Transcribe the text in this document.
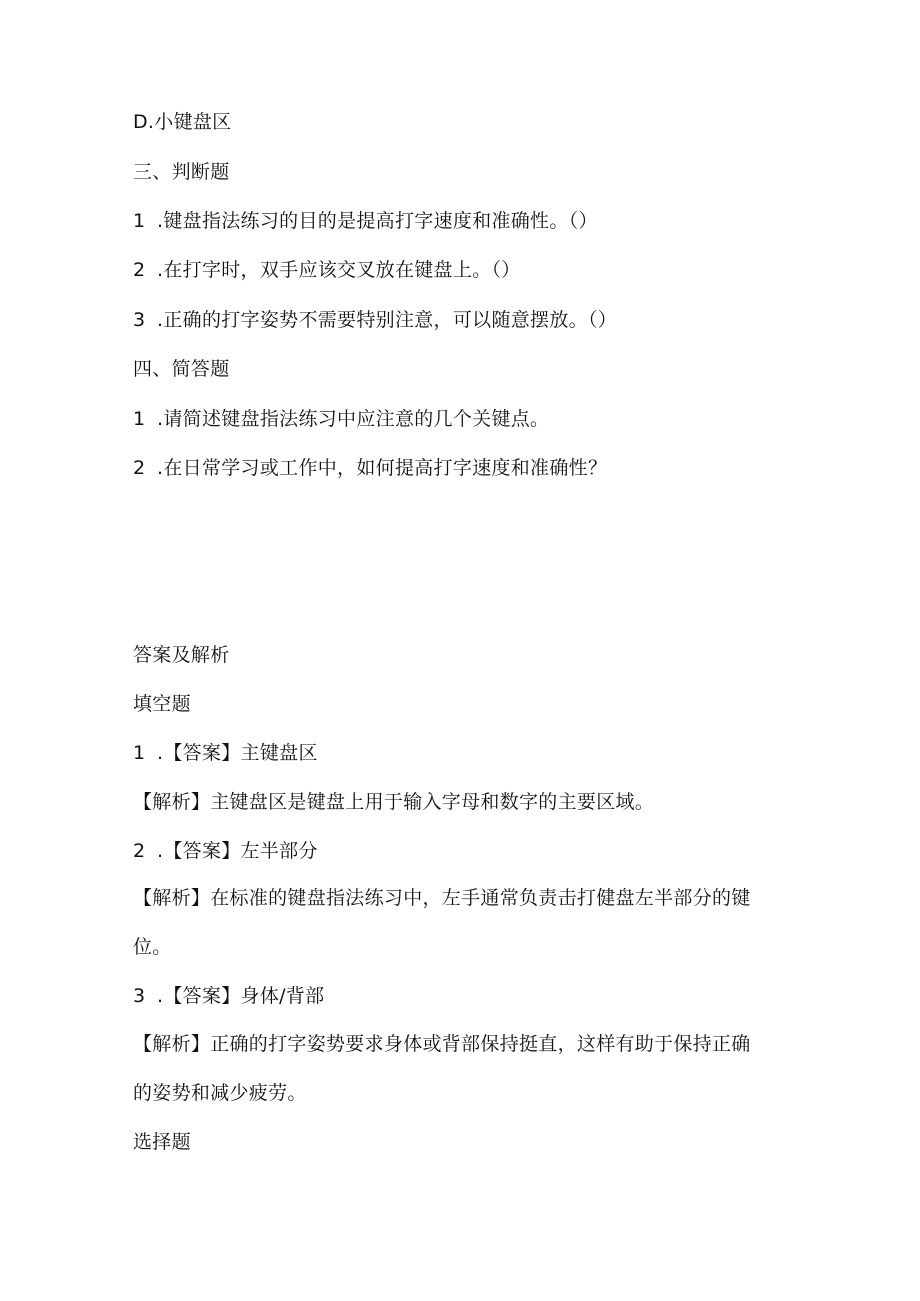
D.小键盘区
三、判断题
1 .键盘指法练习的目的是提高打字速度和准确性。（）
2 .在打字时，双手应该交叉放在键盘上。（）
3 .正确的打字姿势不需要特别注意，可以随意摆放。（）
四、简答题
1 .请简述键盘指法练习中应注意的几个关键点。
2 .在日常学习或工作中，如何提高打字速度和准确性？
答案及解析
填空题
1 .【答案】主键盘区
【解析】主键盘区是键盘上用于输入字母和数字的主要区域。
2 .【答案】左半部分
【解析】在标准的键盘指法练习中，左手通常负责击打健盘左半部分的键
位。
3 .【答案】身体/背部
【解析】正确的打字姿势要求身体或背部保持挺直，这样有助于保持正确
的姿势和减少疲劳。
选择题
